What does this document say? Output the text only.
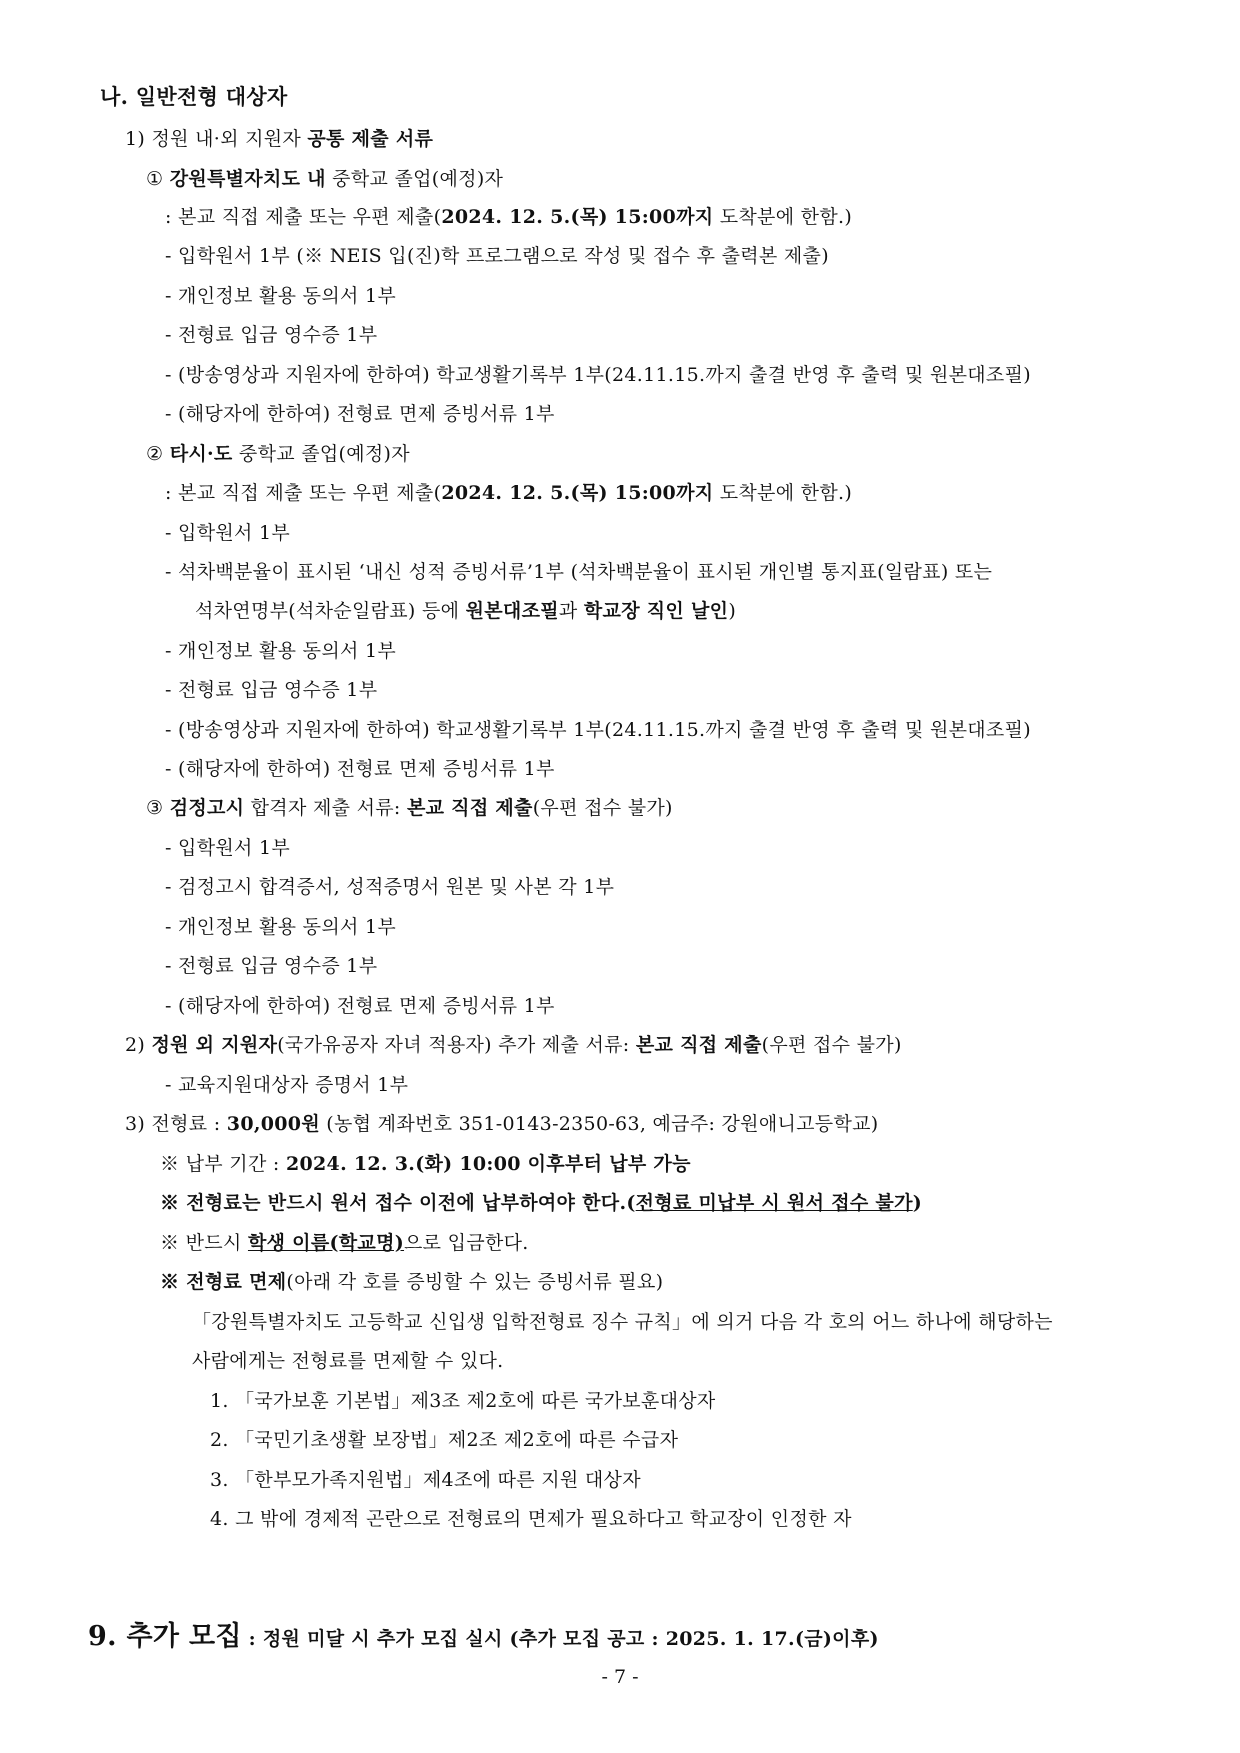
나. 일반전형 대상자
1) 정원 내·외 지원자 공통 제출 서류
① 강원특별자치도 내 중학교 졸업(예정)자
: 본교 직접 제출 또는 우편 제출(2024. 12. 5.(목) 15:00까지 도착분에 한함.)
- 입학원서 1부 (※ NEIS 입(진)학 프로그램으로 작성 및 접수 후 출력본 제출)
- 개인정보 활용 동의서 1부
- 전형료 입금 영수증 1부
- (방송영상과 지원자에 한하여) 학교생활기록부 1부(24.11.15.까지 출결 반영 후 출력 및 원본대조필)
- (해당자에 한하여) 전형료 면제 증빙서류 1부
② 타시·도 중학교 졸업(예정)자
: 본교 직접 제출 또는 우편 제출(2024. 12. 5.(목) 15:00까지 도착분에 한함.)
- 입학원서 1부
- 석차백분율이 표시된 ‘내신 성적 증빙서류’1부 (석차백분율이 표시된 개인별 통지표(일람표) 또는
석차연명부(석차순일람표) 등에 원본대조필과 학교장 직인 날인)
- 개인정보 활용 동의서 1부
- 전형료 입금 영수증 1부
- (방송영상과 지원자에 한하여) 학교생활기록부 1부(24.11.15.까지 출결 반영 후 출력 및 원본대조필)
- (해당자에 한하여) 전형료 면제 증빙서류 1부
③ 검정고시 합격자 제출 서류: 본교 직접 제출(우편 접수 불가)
- 입학원서 1부
- 검정고시 합격증서, 성적증명서 원본 및 사본 각 1부
- 개인정보 활용 동의서 1부
- 전형료 입금 영수증 1부
- (해당자에 한하여) 전형료 면제 증빙서류 1부
2) 정원 외 지원자(국가유공자 자녀 적용자) 추가 제출 서류: 본교 직접 제출(우편 접수 불가)
- 교육지원대상자 증명서 1부
3) 전형료 : 30,000원 (농협 계좌번호 351-0143-2350-63, 예금주: 강원애니고등학교)
※ 납부 기간 : 2024. 12. 3.(화) 10:00 이후부터 납부 가능
※ 전형료는 반드시 원서 접수 이전에 납부하여야 한다.(전형료 미납부 시 원서 접수 불가)
※ 반드시 학생 이름(학교명)으로 입금한다.
※ 전형료 면제(아래 각 호를 증빙할 수 있는 증빙서류 필요)
「강원특별자치도 고등학교 신입생 입학전형료 징수 규칙」에 의거 다음 각 호의 어느 하나에 해당하는
사람에게는 전형료를 면제할 수 있다.
1. 「국가보훈 기본법」제3조 제2호에 따른 국가보훈대상자
2. 「국민기초생활 보장법」제2조 제2호에 따른 수급자
3. 「한부모가족지원법」제4조에 따른 지원 대상자
4. 그 밖에 경제적 곤란으로 전형료의 면제가 필요하다고 학교장이 인정한 자
9. 추가 모집 : 정원 미달 시 추가 모집 실시 (추가 모집 공고 : 2025. 1. 17.(금)이후)
- 7 -
